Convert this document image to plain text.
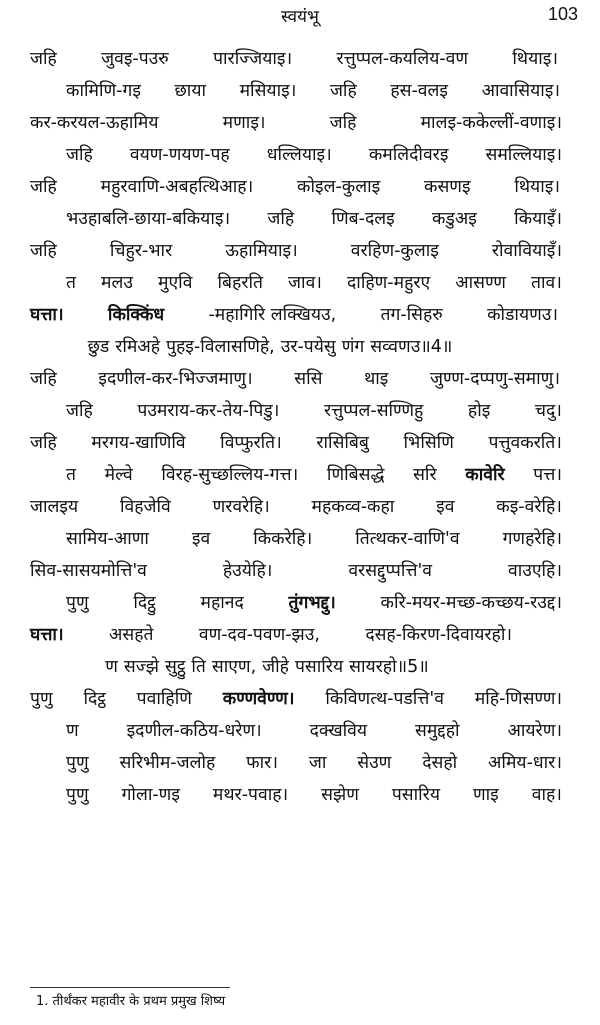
स्वयंभू	103
जहि	जुवइ-पउरु	पारज्जियाइ।	रत्तुप्पल-कयलिय-वण	थियाइ।
कामिणि-गइ छाया मसियाइ। जहि हस-वलइ आवासियाइ।
कर-करयल-ऊहामिय	मणाइ।	जहि	मालइ-ककेल्लीं-वणाइ।
जहि वयण-णयण-पह धल्लियाइ। कमलिदीवरइ समल्लियाइ।
जहि	महुरवाणि-अबहत्थिआह।	कोइल-कुलाइ	कसणइ	थियाइ।
भउहाबलि-छाया-बकियाइ। जहि णिब-दलइ कडुअइ कियाइँ।
जहि	चिहुर-भार	ऊहामियाइ।	वरहिण-कुलाइ	रोवावियाइँ।
त मलउ मुएवि बिहरति जाव। दाहिण-महुरए आसण्ण ताव।
घत्ता।	किक्किंध	-महागिरि लक्खियउ,	तग-सिहरु	कोडायणउ।
छुड रमिअहे पुहइ-विलासणिहे, उर-पयेसु णंग सव्वणउ॥4॥
जहि इदणील-कर-भिज्जमाणु। ससि थाइ जुण्ण-दप्पणु-समाणु।
जहि	पउमराय-कर-तेय-पिडु।	रत्तुप्पल-सण्णिहु	होइ	चदु।
जहि मरगय-खाणिवि विप्फुरति। रासिबिबु भिसिणि पत्तुवकरति।
त मेल्वे विरह-सुच्छल्लिय-गत्त। णिबिसद्धे सरि कावेरि पत्त।
जालइय विहजेवि णरवरेहि। महकव्व-कहा इव कइ-वरेहि।
सामिय-आणा इव किकरेहि। तित्थकर-वाणि'व गणहरेहि।
सिव-सासयमोत्ति'व	हेउयेहि।	वरसद्दुप्पत्ति'व	वाउएहि।
पुणु	दिट्ठु	महानद	तुंगभद्दु।	करि-मयर-मच्छ-कच्छय-रउद्द।
घत्ता।	असहते	वण-दव-पवण-झउ,	दसह-किरण-दिवायरहो।
ण सज्झे सुट्ठु ति साएण, जीहे पसारिय सायरहो॥5॥
पुणु दिट्ठ पवाहिणि कण्णवेण्ण। किविणत्थ-पडत्ति'व महि-णिसण्ण।
ण	इदणील-कठिय-धरेण।	दक्खविय	समुद्दहो	आयरेण।
पुणु सरिभीम-जलोह फार। जा सेउण देसहो अमिय-धार।
पुणु गोला-णइ मथर-पवाह। सझेण पसारिय णाइ वाह।
1. तीर्थंकर महावीर के प्रथम प्रमुख शिष्य
